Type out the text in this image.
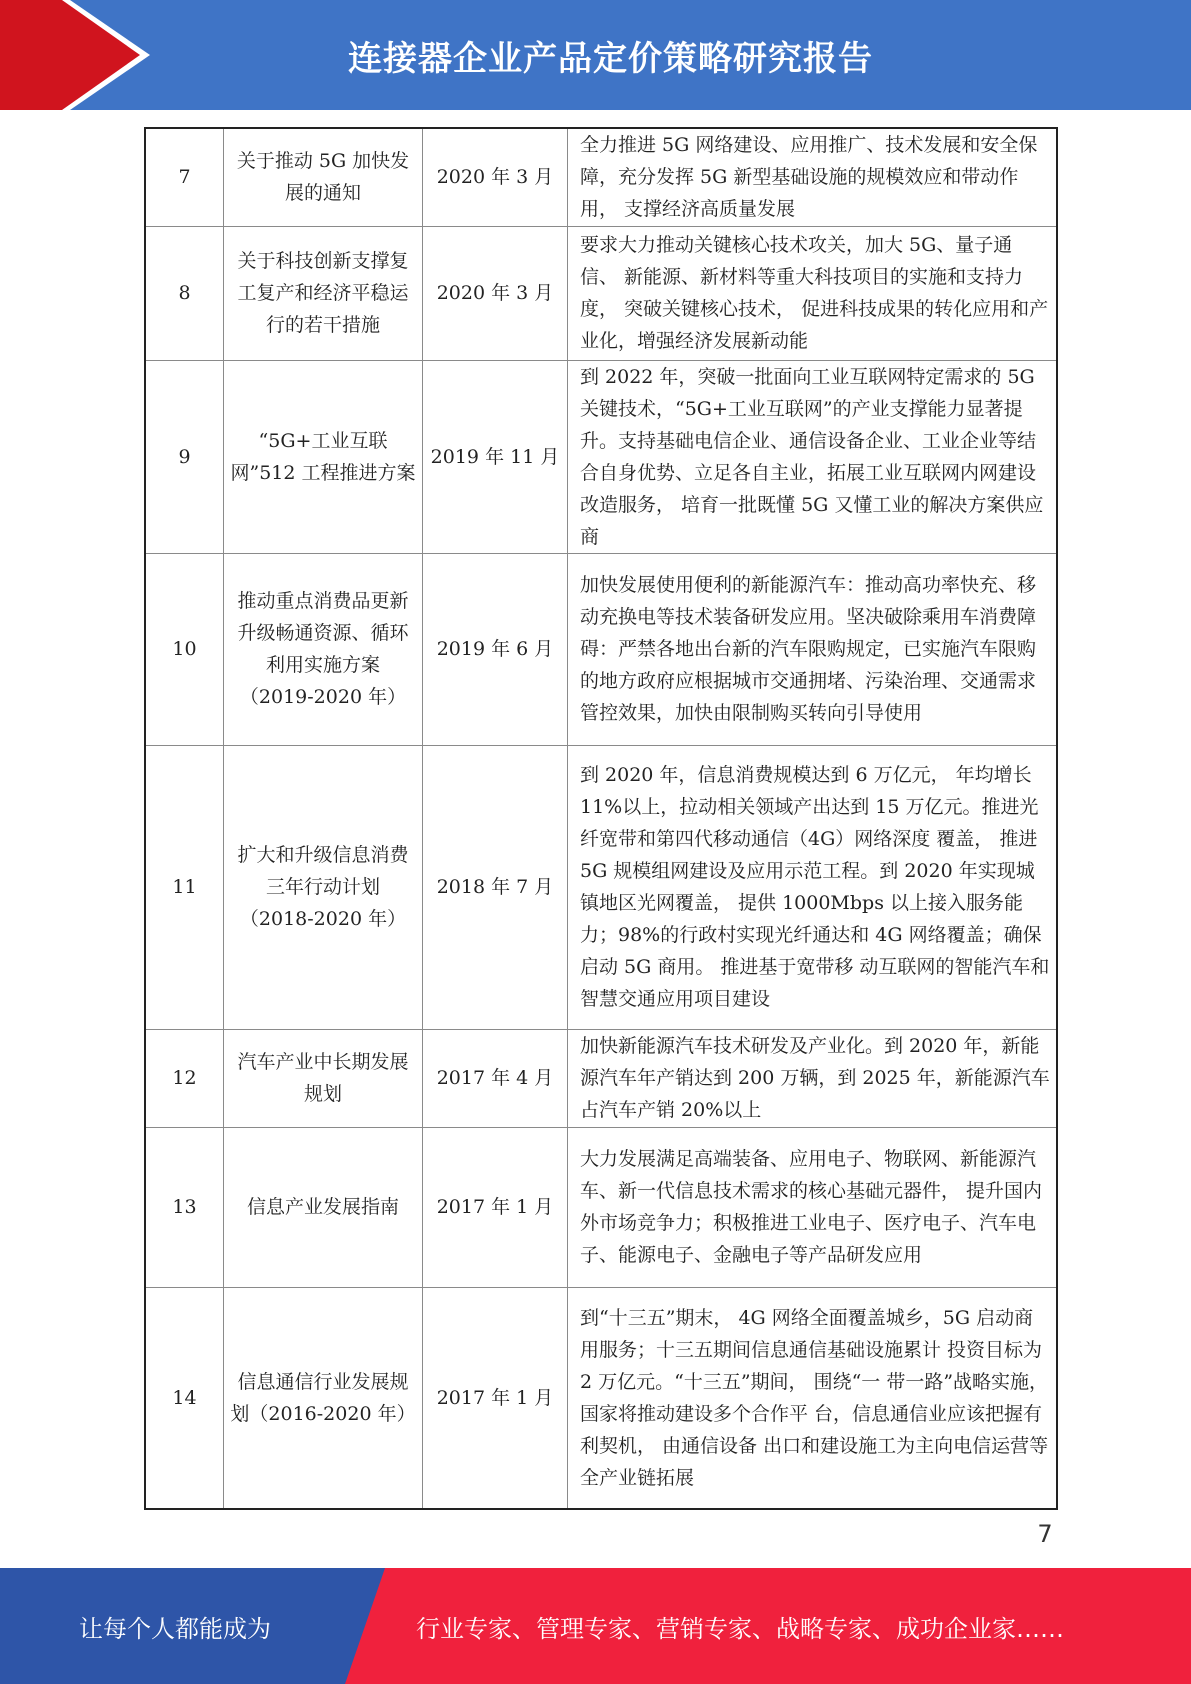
连接器企业产品定价策略研究报告
7	关于推动 5G 加快发展的通知	2020 年 3 月	全力推进 5G 网络建设、应用推广、技术发展和安全保障，充分发挥 5G 新型基础设施的规模效应和带动作用， 支撑经济高质量发展
8	关于科技创新支撑复工复产和经济平稳运行的若干措施	2020 年 3 月	要求大力推动关键核心技术攻关，加大 5G、量子通信、 新能源、新材料等重大科技项目的实施和支持力度， 突破关键核心技术， 促进科技成果的转化应用和产业化，增强经济发展新动能
9	“5G+工业互联网”512 工程推进方案	2019 年 11 月	到 2022 年，突破一批面向工业互联网特定需求的 5G 关键技术，“5G+工业互联网”的产业支撑能力显著提升。支持基础电信企业、通信设备企业、工业企业等结合自身优势、立足各自主业，拓展工业互联网内网建设改造服务， 培育一批既懂 5G 又懂工业的解决方案供应商
10	推动重点消费品更新升级畅通资源、循环利用实施方案（2019-2020 年）	2019 年 6 月	加快发展使用便利的新能源汽车：推动高功率快充、移动充换电等技术装备研发应用。坚决破除乘用车消费障碍：严禁各地出台新的汽车限购规定，已实施汽车限购的地方政府应根据城市交通拥堵、污染治理、交通需求管控效果，加快由限制购买转向引导使用
11	扩大和升级信息消费三年行动计划（2018-2020 年）	2018 年 7 月	到 2020 年，信息消费规模达到 6 万亿元， 年均增长 11%以上，拉动相关领域产出达到 15 万亿元。推进光纤宽带和第四代移动通信（4G）网络深度 覆盖， 推进 5G 规模组网建设及应用示范工程。到 2020 年实现城镇地区光网覆盖， 提供 1000Mbps 以上接入服务能力；98%的行政村实现光纤通达和 4G 网络覆盖；确保启动 5G 商用。 推进基于宽带移 动互联网的智能汽车和智慧交通应用项目建设
12	汽车产业中长期发展规划	2017 年 4 月	加快新能源汽车技术研发及产业化。到 2020 年，新能源汽车年产销达到 200 万辆，到 2025 年，新能源汽车占汽车产销 20%以上
13	信息产业发展指南	2017 年 1 月	大力发展满足高端装备、应用电子、物联网、新能源汽车、新一代信息技术需求的核心基础元器件， 提升国内外市场竞争力；积极推进工业电子、医疗电子、汽车电子、能源电子、金融电子等产品研发应用
14	信息通信行业发展规划（2016-2020 年）	2017 年 1 月	到“十三五”期末， 4G 网络全面覆盖城乡，5G 启动商用服务；十三五期间信息通信基础设施累计 投资目标为 2 万亿元。“十三五”期间， 围绕“一 带一路”战略实施， 国家将推动建设多个合作平 台，信息通信业应该把握有利契机， 由通信设备 出口和建设施工为主向电信运营等全产业链拓展
7
让每个人都能成为	行业专家、管理专家、营销专家、战略专家、成功企业家……
